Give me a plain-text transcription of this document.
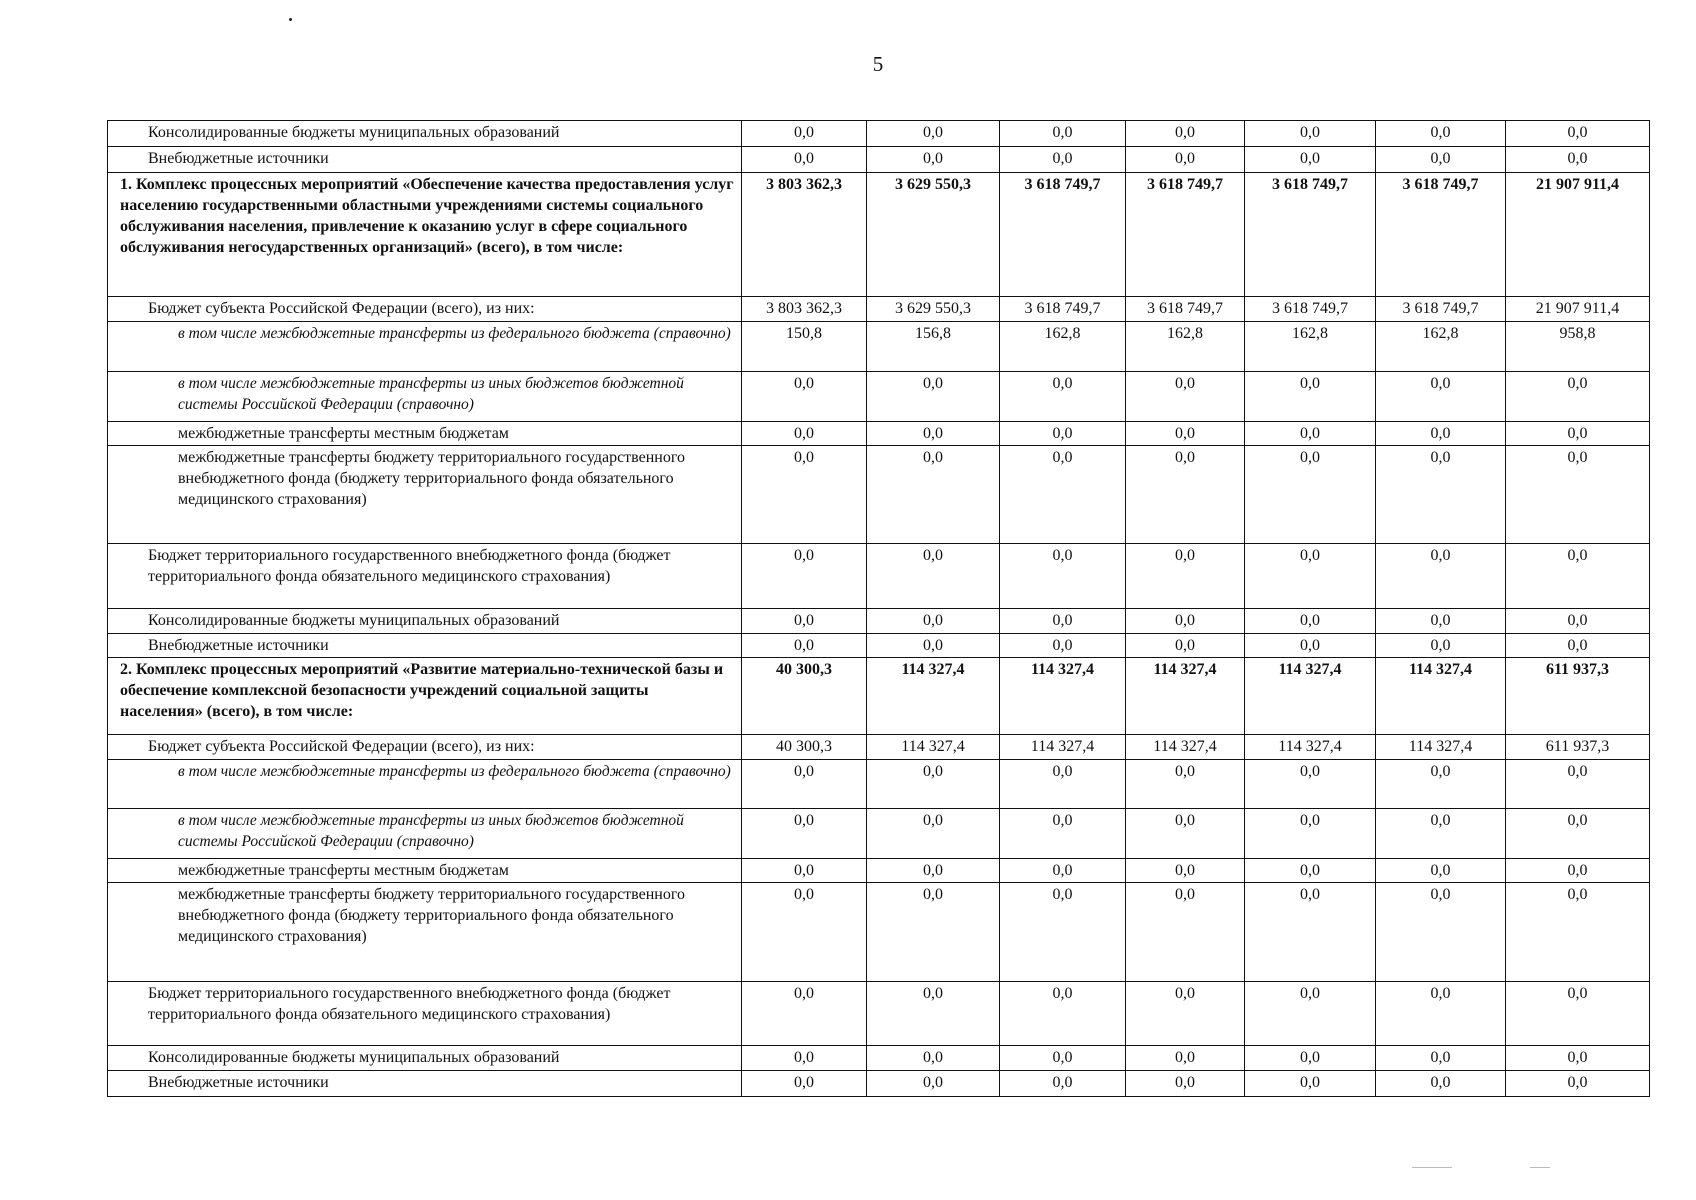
5
Консолидированные бюджеты муниципальных образований	0,0	0,0	0,0	0,0	0,0	0,0	0,0
Внебюджетные источники	0,0	0,0	0,0	0,0	0,0	0,0	0,0
1. Комплекс процессных мероприятий «Обеспечение качества предоставления услуг населению государственными областными учреждениями системы социального обслуживания населения, привлечение к оказанию услуг в сфере социального обслуживания негосударственных организаций» (всего), в том числе:	3 803 362,3	3 629 550,3	3 618 749,7	3 618 749,7	3 618 749,7	3 618 749,7	21 907 911,4
Бюджет субъекта Российской Федерации (всего), из них:	3 803 362,3	3 629 550,3	3 618 749,7	3 618 749,7	3 618 749,7	3 618 749,7	21 907 911,4
в том числе межбюджетные трансферты из федерального бюджета (справочно)	150,8	156,8	162,8	162,8	162,8	162,8	958,8
в том числе межбюджетные трансферты из иных бюджетов бюджетной системы Российской Федерации (справочно)	0,0	0,0	0,0	0,0	0,0	0,0	0,0
межбюджетные трансферты местным бюджетам	0,0	0,0	0,0	0,0	0,0	0,0	0,0
межбюджетные трансферты бюджету территориального государственного внебюджетного фонда (бюджету территориального фонда обязательного медицинского страхования)	0,0	0,0	0,0	0,0	0,0	0,0	0,0
Бюджет территориального государственного внебюджетного фонда (бюджет территориального фонда обязательного медицинского страхования)	0,0	0,0	0,0	0,0	0,0	0,0	0,0
Консолидированные бюджеты муниципальных образований	0,0	0,0	0,0	0,0	0,0	0,0	0,0
Внебюджетные источники	0,0	0,0	0,0	0,0	0,0	0,0	0,0
2. Комплекс процессных мероприятий «Развитие материально-технической базы и обеспечение комплексной безопасности учреждений социальной защиты населения» (всего), в том числе:	40 300,3	114 327,4	114 327,4	114 327,4	114 327,4	114 327,4	611 937,3
Бюджет субъекта Российской Федерации (всего), из них:	40 300,3	114 327,4	114 327,4	114 327,4	114 327,4	114 327,4	611 937,3
в том числе межбюджетные трансферты из федерального бюджета (справочно)	0,0	0,0	0,0	0,0	0,0	0,0	0,0
в том числе межбюджетные трансферты из иных бюджетов бюджетной системы Российской Федерации (справочно)	0,0	0,0	0,0	0,0	0,0	0,0	0,0
межбюджетные трансферты местным бюджетам	0,0	0,0	0,0	0,0	0,0	0,0	0,0
межбюджетные трансферты бюджету территориального государственного внебюджетного фонда (бюджету территориального фонда обязательного медицинского страхования)	0,0	0,0	0,0	0,0	0,0	0,0	0,0
Бюджет территориального государственного внебюджетного фонда (бюджет территориального фонда обязательного медицинского страхования)	0,0	0,0	0,0	0,0	0,0	0,0	0,0
Консолидированные бюджеты муниципальных образований	0,0	0,0	0,0	0,0	0,0	0,0	0,0
Внебюджетные источники	0,0	0,0	0,0	0,0	0,0	0,0	0,0
